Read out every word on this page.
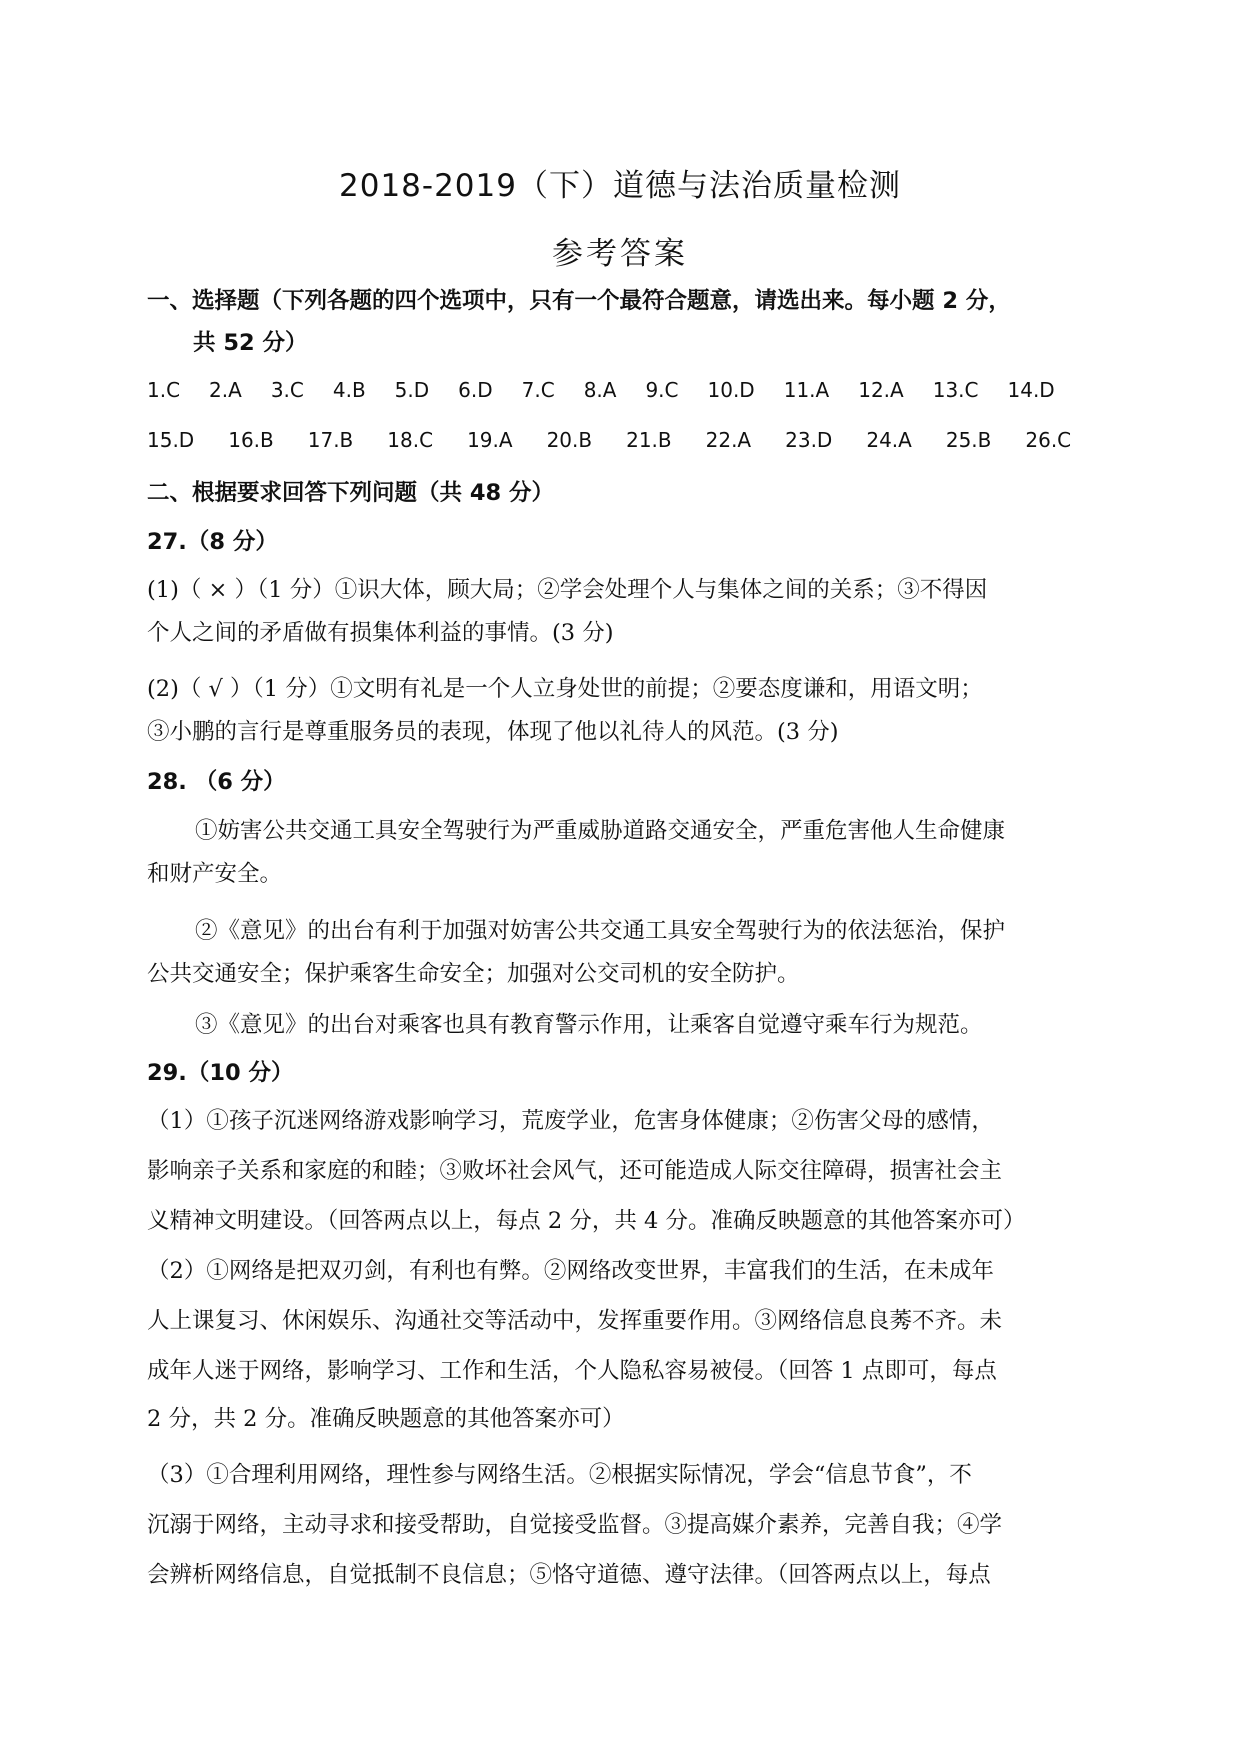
2018-2019（下）道德与法治质量检测
参考答案
一、选择题（下列各题的四个选项中，只有一个最符合题意，请选出来。每小题 2 分，
共 52 分）
1.C 2.A 3.C 4.B 5.D 6.D 7.C 8.A 9.C 10.D 11.A 12.A 13.C 14.D
15.D 16.B 17.B 18.C 19.A 20.B 21.B 22.A 23.D 24.A 25.B 26.C
二、根据要求回答下列问题（共 48 分）
27.（8 分）
(1)（ × ）（1 分）①识大体，顾大局；②学会处理个人与集体之间的关系；③不得因
个人之间的矛盾做有损集体利益的事情。(3 分)
(2)（ √ ）（1 分）①文明有礼是一个人立身处世的前提；②要态度谦和，用语文明；
③小鹏的言行是尊重服务员的表现，体现了他以礼待人的风范。(3 分)
28. （6 分）
①妨害公共交通工具安全驾驶行为严重威胁道路交通安全，严重危害他人生命健康
和财产安全。
②《意见》的出台有利于加强对妨害公共交通工具安全驾驶行为的依法惩治，保护
公共交通安全；保护乘客生命安全；加强对公交司机的安全防护。
③《意见》的出台对乘客也具有教育警示作用，让乘客自觉遵守乘车行为规范。
29.（10 分）
（1）①孩子沉迷网络游戏影响学习，荒废学业，危害身体健康；②伤害父母的感情，
影响亲子关系和家庭的和睦；③败坏社会风气，还可能造成人际交往障碍，损害社会主
义精神文明建设。（回答两点以上，每点 2 分，共 4 分。准确反映题意的其他答案亦可）
（2）①网络是把双刃剑，有利也有弊。②网络改变世界，丰富我们的生活，在未成年
人上课复习、休闲娱乐、沟通社交等活动中，发挥重要作用。③网络信息良莠不齐。未
成年人迷于网络，影响学习、工作和生活，个人隐私容易被侵。（回答 1 点即可，每点
2 分，共 2 分。准确反映题意的其他答案亦可）
（3）①合理利用网络，理性参与网络生活。②根据实际情况，学会“信息节食”，不
沉溺于网络，主动寻求和接受帮助，自觉接受监督。③提高媒介素养，完善自我；④学
会辨析网络信息，自觉抵制不良信息；⑤恪守道德、遵守法律。（回答两点以上，每点
